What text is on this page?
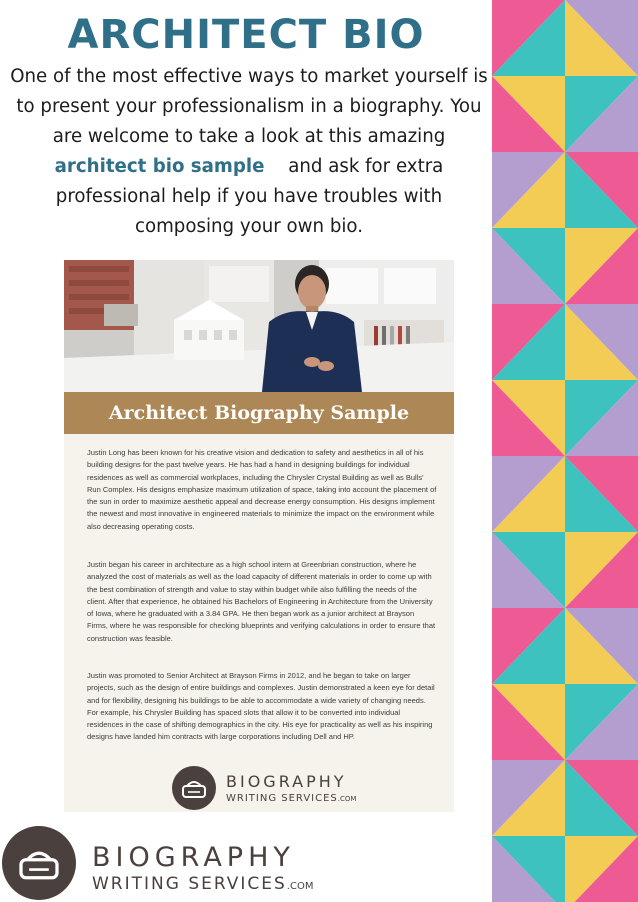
ARCHITECT BIO
One of the most effective ways to market yourself is
to present your professionalism in a biography. You
are welcome to take a look at this amazing
architect bio sample and ask for extra
professional help if you have troubles with
composing your own bio.
Architect Biography Sample

Justin Long has been known for his creative vision and dedication to safety and aesthetics in all of his building designs for the past twelve years. He has had a hand in designing buildings for individual residences as well as commercial workplaces, including the Chrysler Crystal Building as well as Bulls' Run Complex. His designs emphasize maximum utilization of space, taking into account the placement of the sun in order to maximize aesthetic appeal and decrease energy consumption. His designs implement the newest and most innovative in engineered materials to minimize the impact on the environment while also decreasing operating costs.

Justin began his career in architecture as a high school intern at Greenbrian construction, where he analyzed the cost of materials as well as the load capacity of different materials in order to come up with the best combination of strength and value to stay within budget while also fulfilling the needs of the client. After that experience, he obtained his Bachelors of Engineering in Architecture from the University of Iowa, where he graduated with a 3.84 GPA. He then began work as a junior architect at Brayson Firms, where he was responsible for checking blueprints and verifying calculations in order to ensure that construction was feasible.

Justin was promoted to Senior Architect at Brayson Firms in 2012, and he began to take on larger projects, such as the design of entire buildings and complexes. Justin demonstrated a keen eye for detail and for flexibility, designing his buildings to be able to accommodate a wide variety of changing needs. For example, his Chrysler Building has spaced slots that allow it to be converted into individual residences in the case of shifting demographics in the city. His eye for practicality as well as his inspiring designs have landed him contracts with large corporations including Dell and HP.

BIOGRAPHY
WRITING SERVICES.COM
BIOGRAPHY
WRITING SERVICES.COM
